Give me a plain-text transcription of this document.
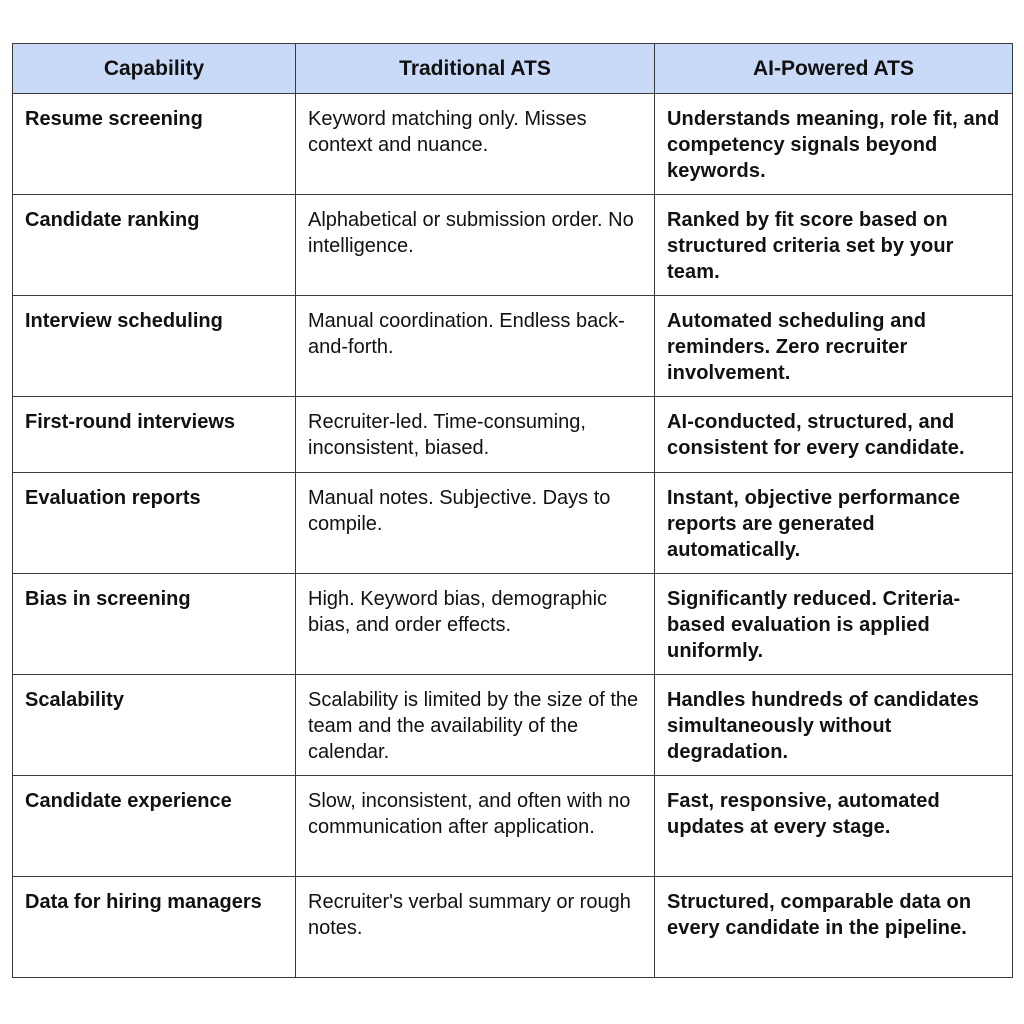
Capability	Traditional ATS	AI-Powered ATS
Resume screening	Keyword matching only. Misses context and nuance.	Understands meaning, role fit, and competency signals beyond keywords.
Candidate ranking	Alphabetical or submission order. No intelligence.	Ranked by fit score based on structured criteria set by your team.
Interview scheduling	Manual coordination. Endless back-and-forth.	Automated scheduling and reminders. Zero recruiter involvement.
First-round interviews	Recruiter-led. Time-consuming, inconsistent, biased.	AI-conducted, structured, and consistent for every candidate.
Evaluation reports	Manual notes. Subjective. Days to compile.	Instant, objective performance reports are generated automatically.
Bias in screening	High. Keyword bias, demographic bias, and order effects.	Significantly reduced. Criteria-based evaluation is applied uniformly.
Scalability	Scalability is limited by the size of the team and the availability of the calendar.	Handles hundreds of candidates simultaneously without degradation.
Candidate experience	Slow, inconsistent, and often with no communication after application.	Fast, responsive, automated updates at every stage.
Data for hiring managers	Recruiter's verbal summary or rough notes.	Structured, comparable data on every candidate in the pipeline.
